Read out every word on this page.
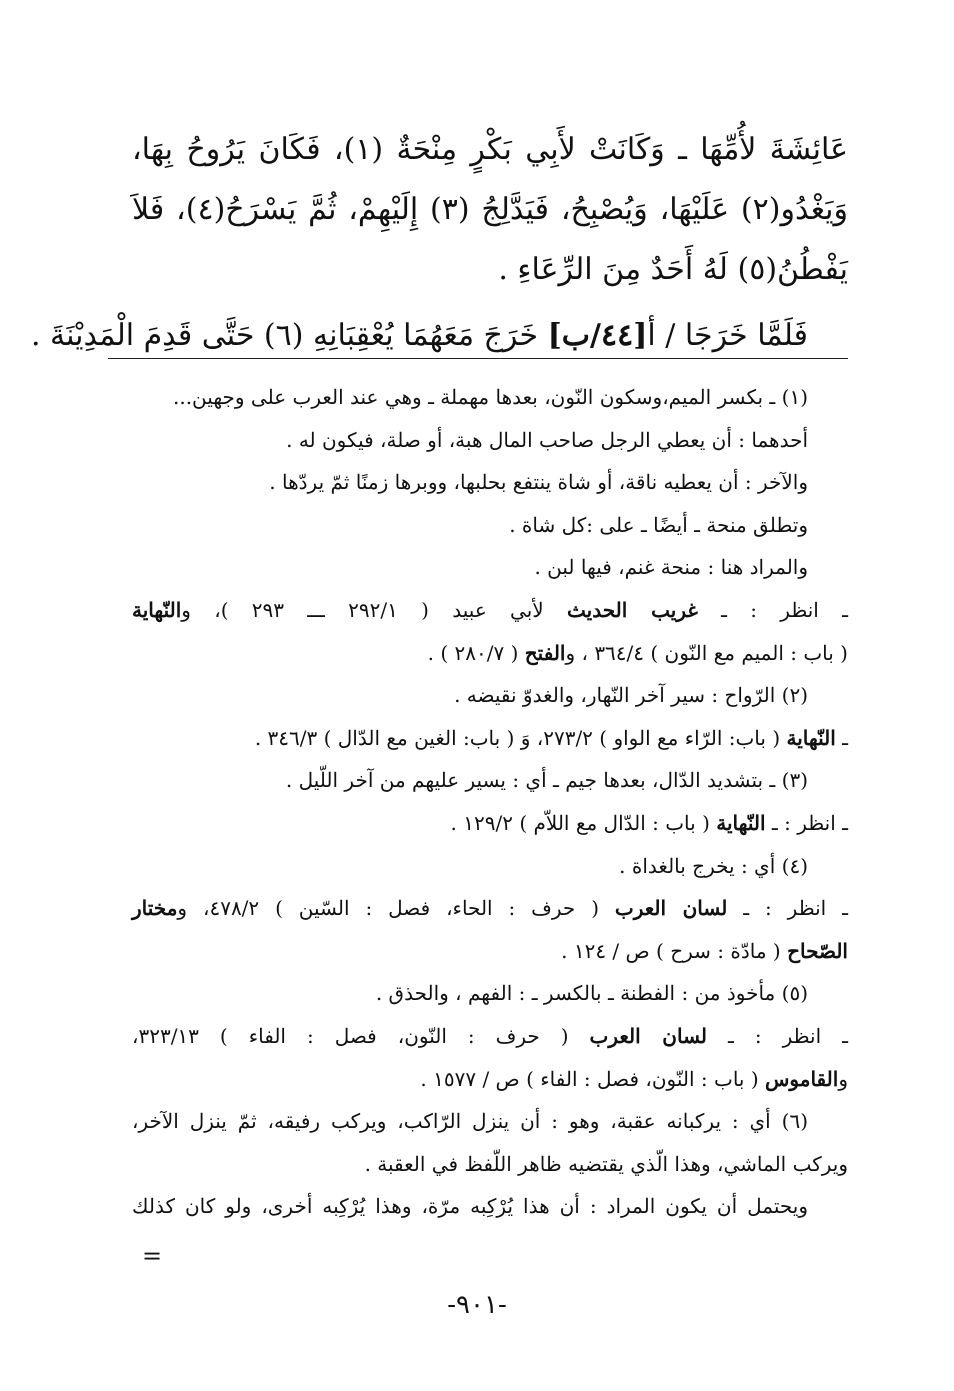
عَائِشَةَ لأُمِّهَا ـ وَكَانَتْ لأَبِي بَكْرٍ مِنْحَةٌ (١)، فَكَانَ يَرُوحُ بِهَا،
وَيَغْدُو(٢) عَلَيْهَا، وَيُصْبِحُ، فَيَدَّلِجُ (٣) إِلَيْهِمْ، ثُمَّ يَسْرَحُ(٤)، فَلاَ
يَفْطُنُ(٥) لَهُ أَحَدٌ مِنَ الرِّعَاءِ .
فَلَمَّا خَرَجَا / أ[٤٤/ب] خَرَجَ مَعَهُمَا يُعْقِبَانِهِ (٦) حَتَّى قَدِمَ الْمَدِيْنَةَ .
(١) ـ بكسر الميم،وسكون النّون، بعدها مهملة ـ وهي عند العرب على وجهين...
أحدهما : أن يعطي الرجل صاحب المال هبة، أو صلة، فيكون له .
والآخر : أن يعطيه ناقة، أو شاة ينتفع بحلبها، ووبرها زمنًا ثمّ يردّها .
وتطلق منحة ـ أيضًا ـ على :كل شاة .
والمراد هنا : منحة غنم، فيها لبن .
ـ انظر : ـ غريب الحديث لأبي عبيد ( ٢٩٢/١ ـــ ٢٩٣ )، والنّهاية
( باب : الميم مع النّون ) ٣٦٤/٤ ، والفتح ( ٢٨٠/٧ ) .
(٢) الرّواح : سير آخر النّهار، والغدوّ نقيضه .
ـ النّهاية ( باب: الرّاء مع الواو ) ٢٧٣/٢، وَ ( باب: الغين مع الدّال ) ٣٤٦/٣ .
(٣) ـ بتشديد الدّال، بعدها جيم ـ أي : يسير عليهم من آخر اللّيل .
ـ انظر : ـ النّهاية ( باب : الدّال مع اللاّم ) ١٢٩/٢ .
(٤) أي : يخرج بالغداة .
ـ انظر : ـ لسان العرب ( حرف : الحاء، فصل : السّين ) ٤٧٨/٢، ومختار
الصّحاح ( مادّة : سرح ) ص / ١٢٤ .
(٥) مأخوذ من : الفطنة ـ بالكسر ـ : الفهم ، والحذق .
ـ انظر : ـ لسان العرب ( حرف : النّون، فصل : الفاء ) ٣٢٣/١٣،
والقاموس ( باب : النّون، فصل : الفاء ) ص / ١٥٧٧ .
(٦) أي : يركبانه عقبة، وهو : أن ينزل الرّاكب، ويركب رفيقه، ثمّ ينزل الآخر،
ويركب الماشي، وهذا الّذي يقتضيه ظاهر اللّفظ في العقبة .
ويحتمل أن يكون المراد : أن هذا يُرْكِبه مرّة، وهذا يُرْكِبه أخرى، ولو كان كذلك
=
-٩٠١-
